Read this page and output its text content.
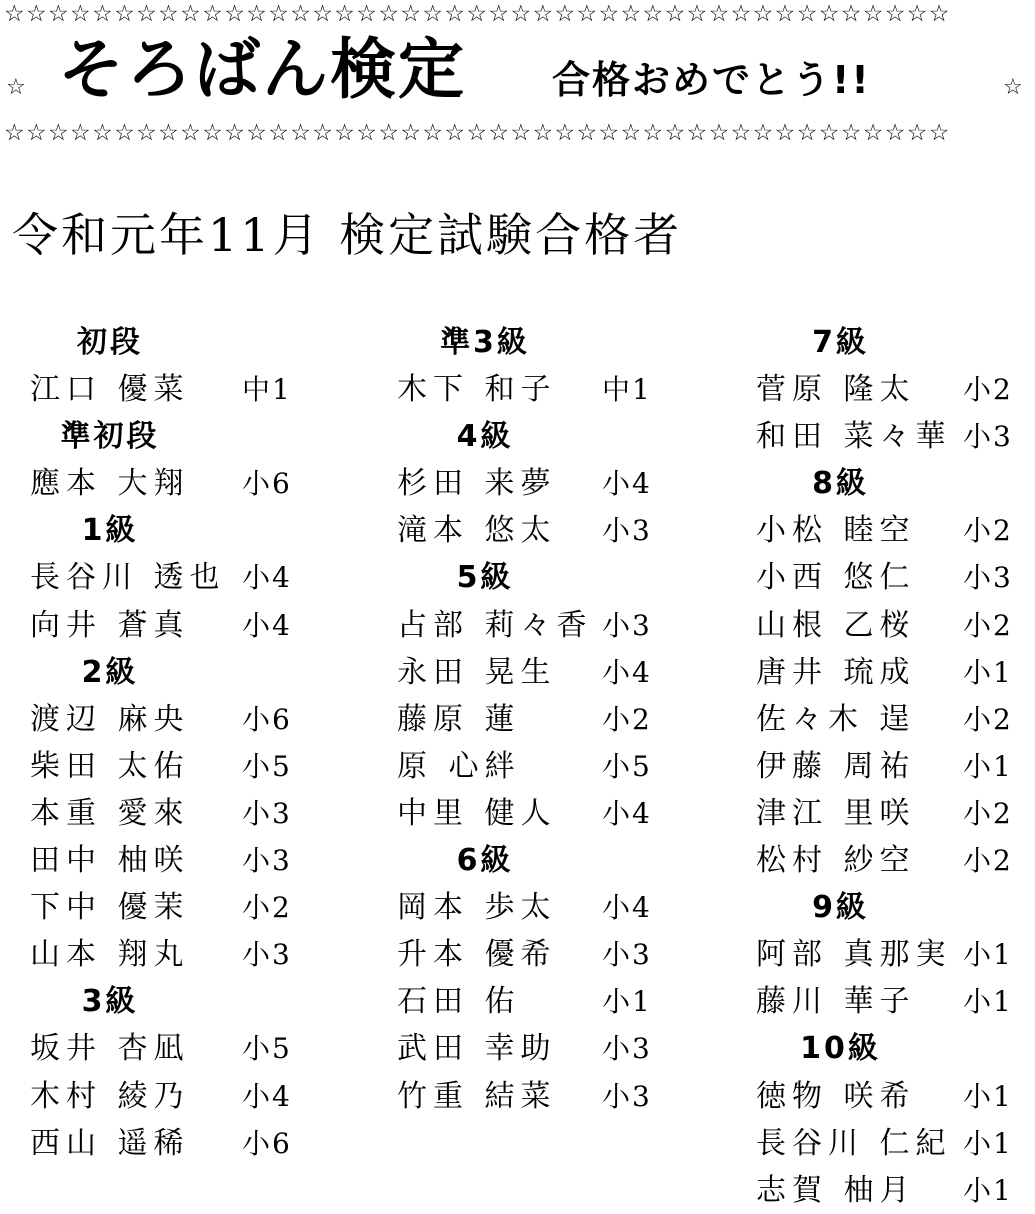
☆☆☆☆☆☆☆☆☆☆☆☆☆☆☆☆☆☆☆☆☆☆☆☆☆☆☆☆☆☆☆☆☆☆☆☆☆☆☆☆☆☆☆
☆ そろばん検定 合格おめでとう!!	☆
☆☆☆☆☆☆☆☆☆☆☆☆☆☆☆☆☆☆☆☆☆☆☆☆☆☆☆☆☆☆☆☆☆☆☆☆☆☆☆☆☆☆☆
令和元年11月 検定試験合格者
初段
江口 優菜 中1
準初段
應本 大翔 小6
1級
長谷川 透也 小4
向井 蒼真 小4
2級
渡辺 麻央 小6
柴田 太佑 小5
本重 愛來 小3
田中 柚咲 小3
下中 優茉 小2
山本 翔丸 小3
3級
坂井 杏凪 小5
木村 綾乃 小4
西山 遥稀 小6
準3級
木下 和子 中1
4級
杉田 来夢 小4
滝本 悠太 小3
5級
占部 莉々香 小3
永田 晃生 小4
藤原 蓮	小2
原 心絆	小5
中里 健人 小4
6級
岡本 歩太 小4
升本 優希 小3
石田 佑	小1
武田 幸助 小3
竹重 結菜 小3
7級
菅原 隆太 小2
和田 菜々華 小3
8級
小松 睦空 小2
小西 悠仁 小3
山根 乙桜 小2
唐井 琉成 小1
佐々木 逞 小2
伊藤 周祐 小1
津江 里咲 小2
松村 紗空 小2
9級
阿部 真那実 小1
藤川 華子 小1
10級
徳物 咲希 小1
長谷川 仁紀 小1
志賀 柚月 小1
